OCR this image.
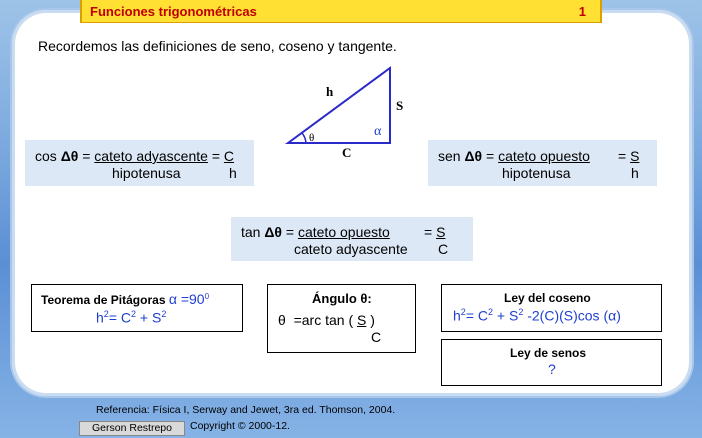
Funciones trigonométricas	1
Recordemos las definiciones de seno, coseno y tangente.
h
S
C
θ	α
cos Δθ = cateto adyascente = C
hipotenusa	h
sen Δθ = cateto opuesto = S
hipotenusa	h
tan Δθ = cateto opuesto = S
cateto adyascente C
Teorema de Pitágoras $\alpha =90^0$
$h^2= C^2 + S^2$
Ángulo θ:
θ =arc tan ( S )
C
Ley del coseno
$h^2= C^2 + S^2$ -2(C)(S)cos (α)
Ley de senos
?
Referencia: Física I, Serway and Jewet, 3ra ed. Thomson, 2004.
Gerson Restrepo	Copyright © 2000-12.
